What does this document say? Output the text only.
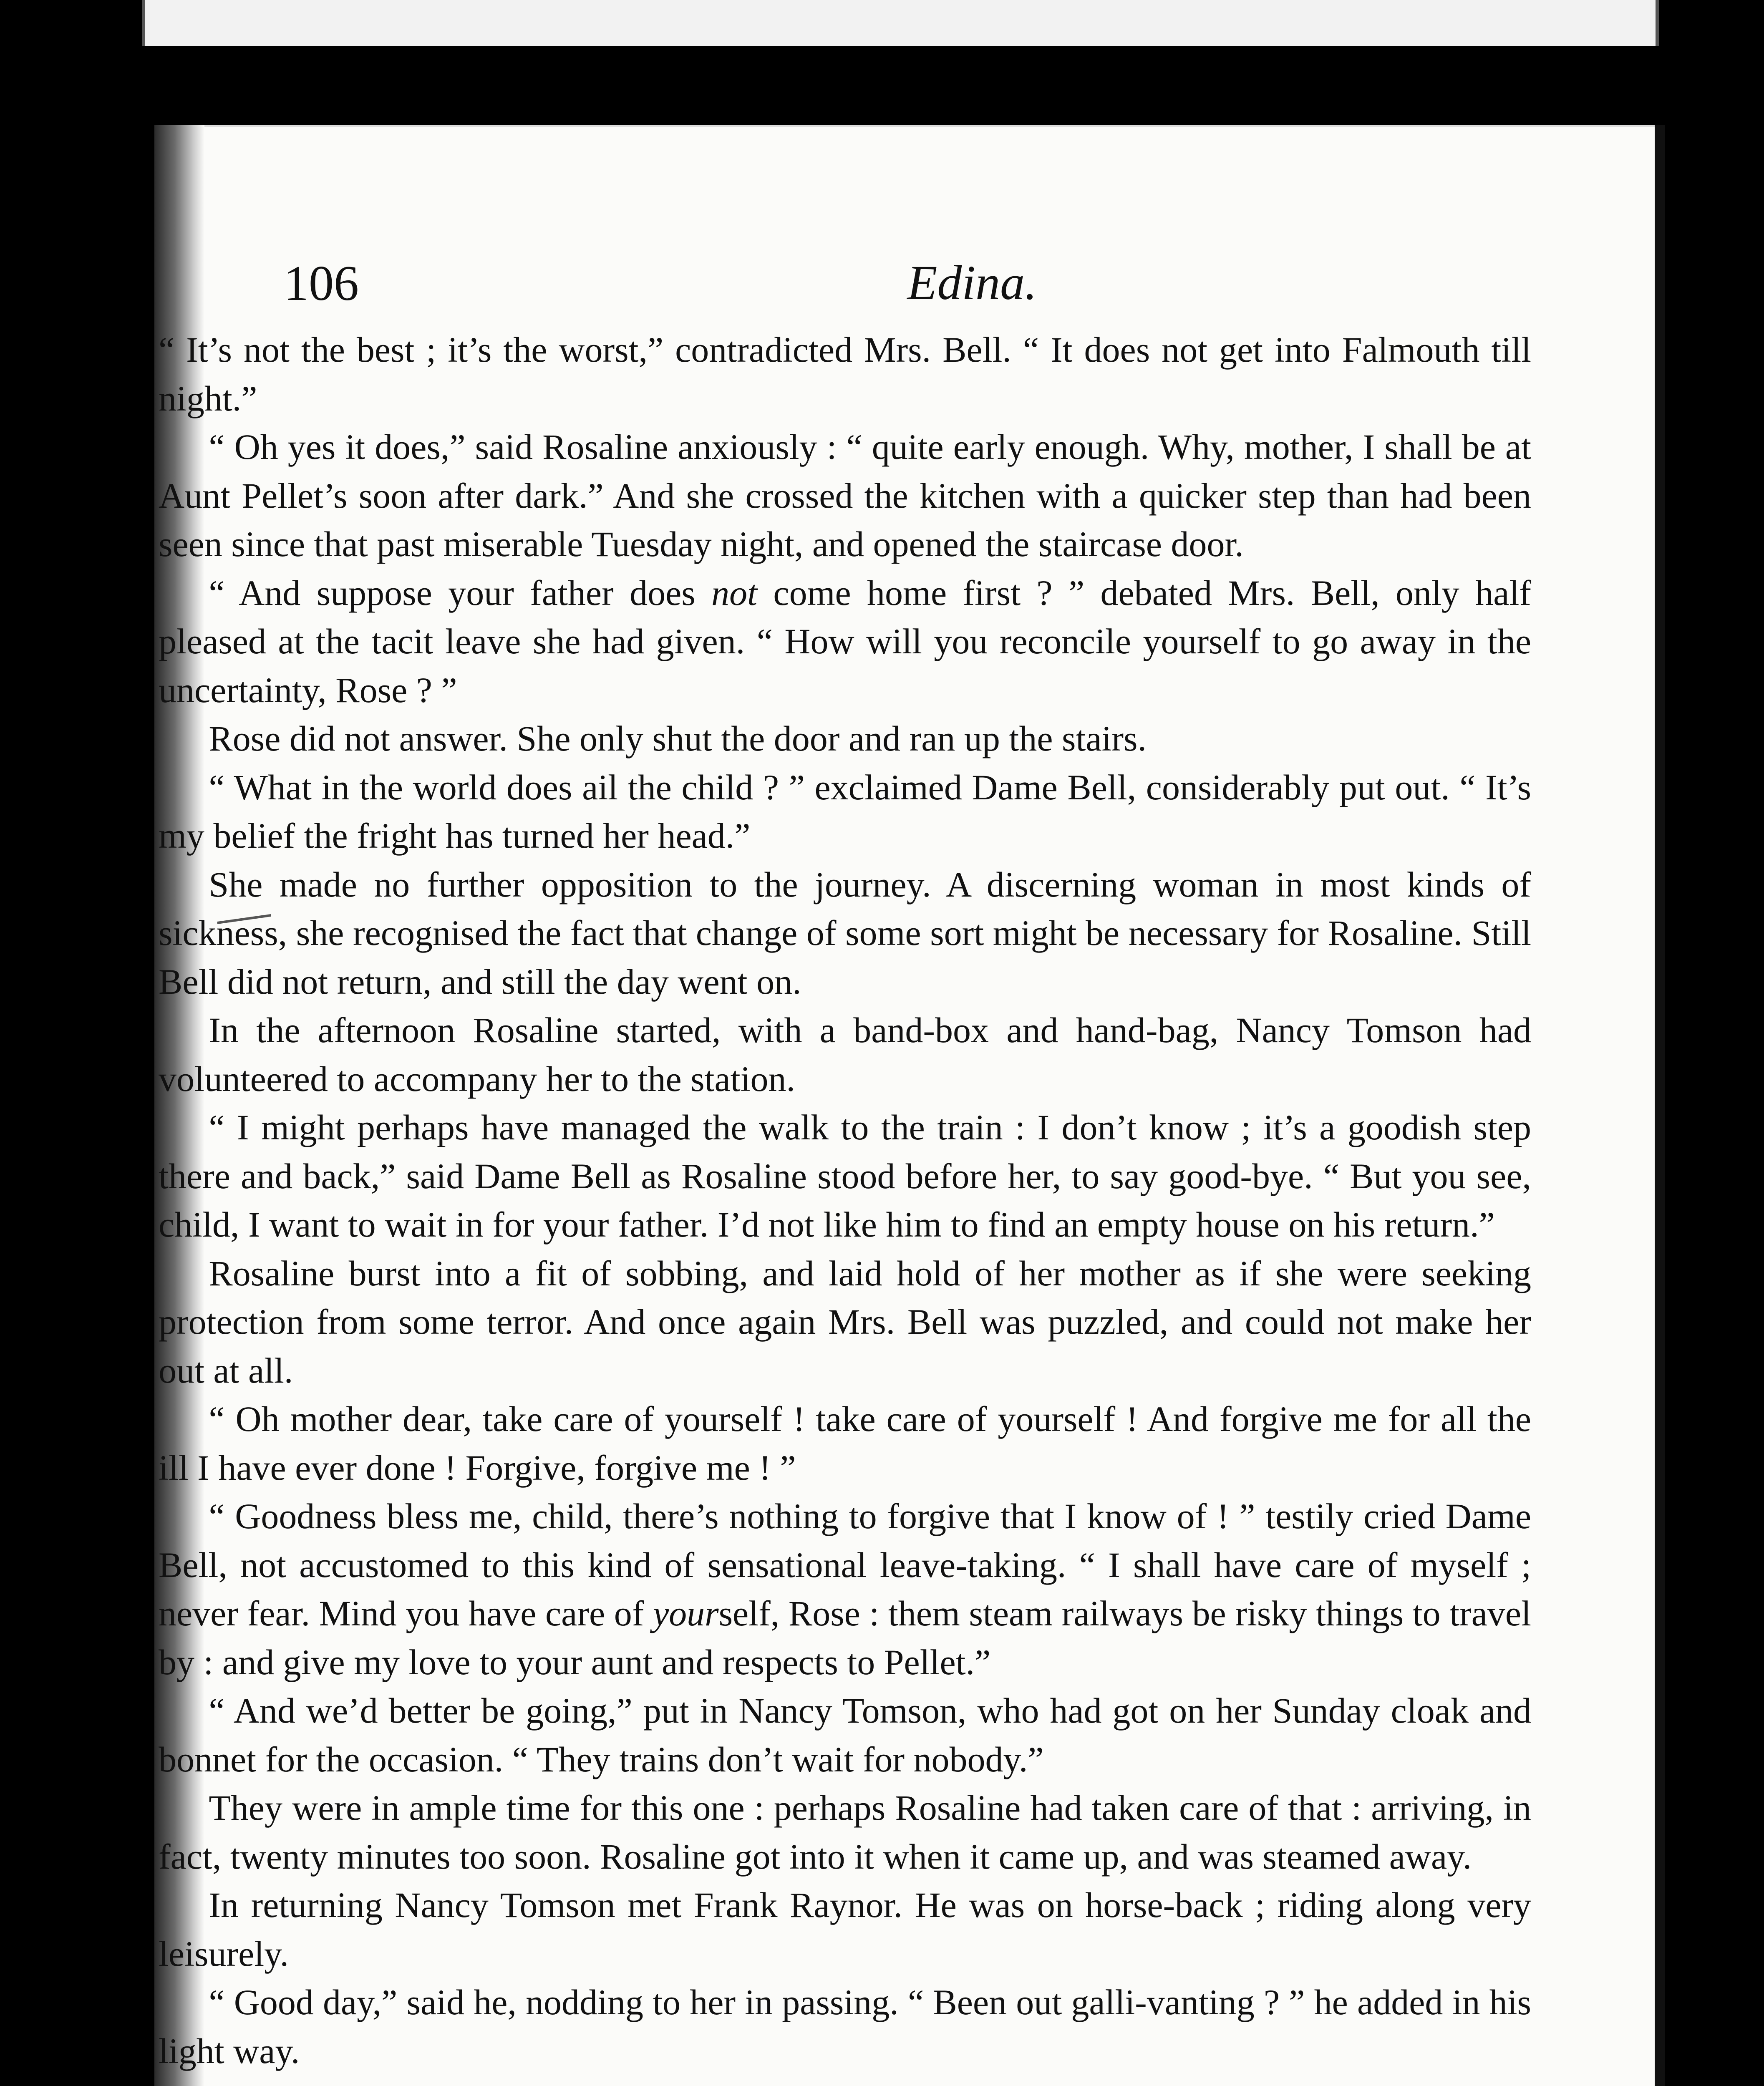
106	Edina.

“ It’s not the best ; it’s the worst,” contradicted Mrs. Bell. “ It does not get into Falmouth till night.”

“ Oh yes it does,” said Rosaline anxiously : “ quite early enough. Why, mother, I shall be at Aunt Pellet’s soon after dark.” And she crossed the kitchen with a quicker step than had been seen since that past miserable Tuesday night, and opened the staircase door.

“ And suppose your father does not come home first ? ” debated Mrs. Bell, only half pleased at the tacit leave she had given. “ How will you reconcile yourself to go away in the uncertainty, Rose ? ”

Rose did not answer. She only shut the door and ran up the stairs.

“ What in the world does ail the child ? ” exclaimed Dame Bell, considerably put out. “ It’s my belief the fright has turned her head.”

She made no further opposition to the journey. A discerning woman in most kinds of sickness, she recognised the fact that change of some sort might be necessary for Rosaline. Still Bell did not return, and still the day went on.

In the afternoon Rosaline started, with a band-box and hand-bag, Nancy Tomson had volunteered to accompany her to the station.

“ I might perhaps have managed the walk to the train : I don’t know ; it’s a goodish step there and back,” said Dame Bell as Rosaline stood before her, to say good-bye. “ But you see, child, I want to wait in for your father. I’d not like him to find an empty house on his return.”

Rosaline burst into a fit of sobbing, and laid hold of her mother as if she were seeking protection from some terror. And once again Mrs. Bell was puzzled, and could not make her out at all.

“ Oh mother dear, take care of yourself ! take care of yourself ! And forgive me for all the ill I have ever done ! Forgive, forgive me ! ”

“ Goodness bless me, child, there’s nothing to forgive that I know of ! ” testily cried Dame Bell, not accustomed to this kind of sensational leave-taking. “ I shall have care of myself ; never fear. Mind you have care of yourself, Rose : them steam railways be risky things to travel by : and give my love to your aunt and respects to Pellet.”

“ And we’d better be going,” put in Nancy Tomson, who had got on her Sunday cloak and bonnet for the occasion. “ They trains don’t wait for nobody.”

They were in ample time for this one : perhaps Rosaline had taken care of that : arriving, in fact, twenty minutes too soon. Rosaline got into it when it came up, and was steamed away.

In returning Nancy Tomson met Frank Raynor. He was on horse-back ; riding along very leisurely.

“ Good day,” said he, nodding to her in passing. “ Been out galli-vanting ? ” he added in his light way.
